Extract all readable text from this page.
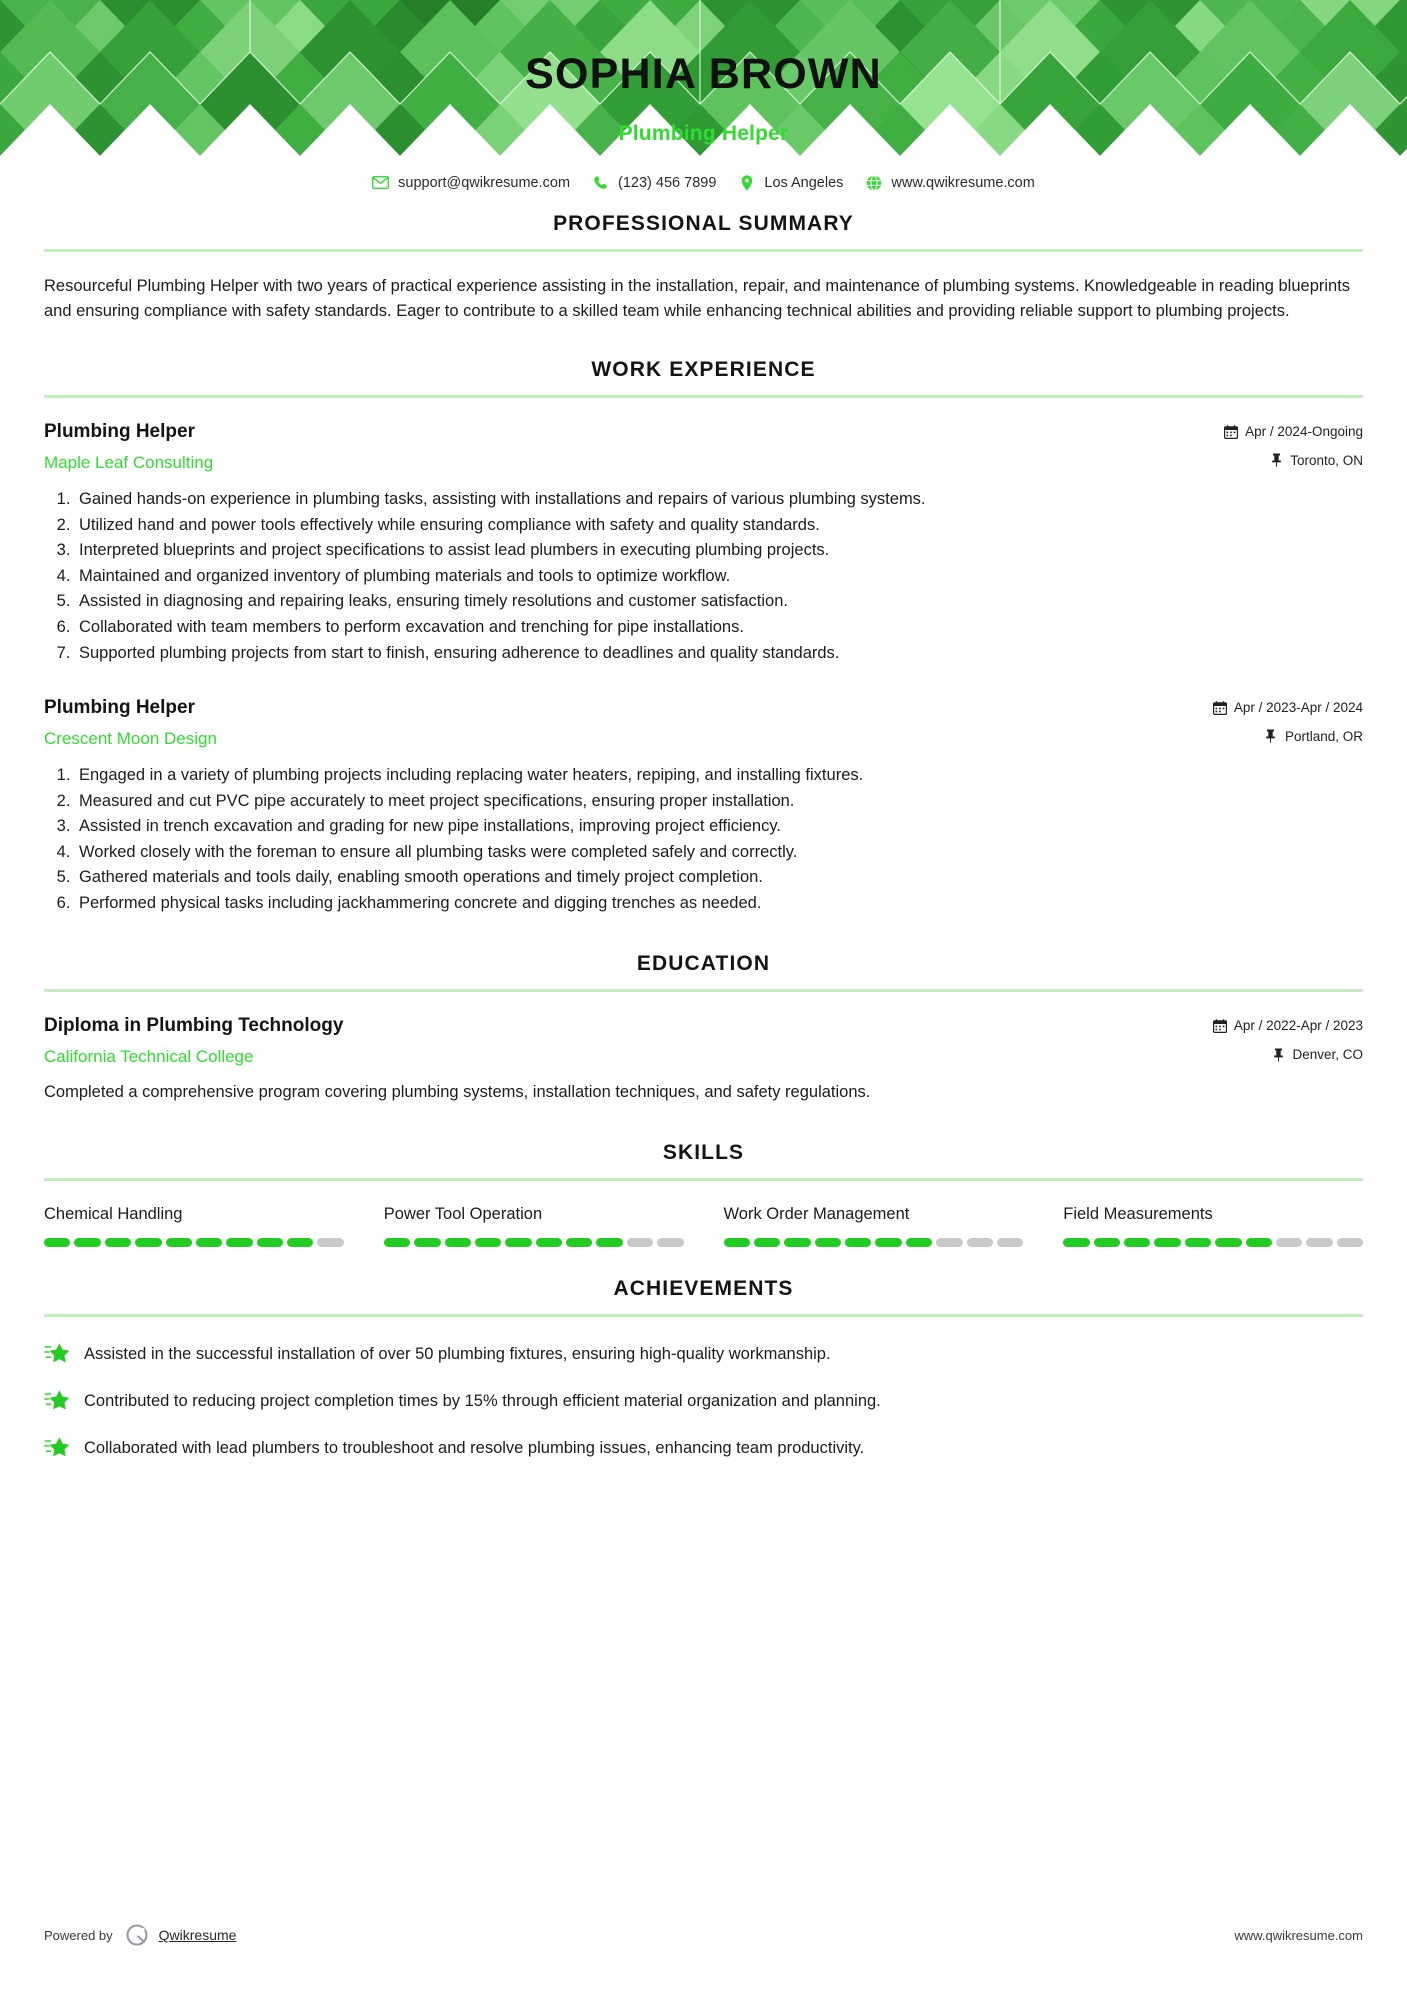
SOPHIA BROWN
Plumbing Helper
support@qwikresume.com	(123) 456 7899	Los Angeles	www.qwikresume.com
PROFESSIONAL SUMMARY

Resourceful Plumbing Helper with two years of practical experience assisting in the installation, repair, and maintenance of plumbing systems. Knowledgeable in reading blueprints and ensuring compliance with safety standards. Eager to contribute to a skilled team while enhancing technical abilities and providing reliable support to plumbing projects.

WORK EXPERIENCE
Plumbing Helper
Maple Leaf Consulting
Apr / 2024-Ongoing
Toronto, ON
1. Gained hands-on experience in plumbing tasks, assisting with installations and repairs of various plumbing systems.
2. Utilized hand and power tools effectively while ensuring compliance with safety and quality standards.
3. Interpreted blueprints and project specifications to assist lead plumbers in executing plumbing projects.
4. Maintained and organized inventory of plumbing materials and tools to optimize workflow.
5. Assisted in diagnosing and repairing leaks, ensuring timely resolutions and customer satisfaction.
6. Collaborated with team members to perform excavation and trenching for pipe installations.
7. Supported plumbing projects from start to finish, ensuring adherence to deadlines and quality standards.
Plumbing Helper
Crescent Moon Design
Apr / 2023-Apr / 2024
Portland, OR
1. Engaged in a variety of plumbing projects including replacing water heaters, repiping, and installing fixtures.
2. Measured and cut PVC pipe accurately to meet project specifications, ensuring proper installation.
3. Assisted in trench excavation and grading for new pipe installations, improving project efficiency.
4. Worked closely with the foreman to ensure all plumbing tasks were completed safely and correctly.
5. Gathered materials and tools daily, enabling smooth operations and timely project completion.
6. Performed physical tasks including jackhammering concrete and digging trenches as needed.
EDUCATION
Diploma in Plumbing Technology
California Technical College
Apr / 2022-Apr / 2023
Denver, CO
Completed a comprehensive program covering plumbing systems, installation techniques, and safety regulations.
SKILLS
Chemical Handling	Power Tool Operation	Work Order Management	Field Measurements
ACHIEVEMENTS
Assisted in the successful installation of over 50 plumbing fixtures, ensuring high-quality workmanship.
Contributed to reducing project completion times by 15% through efficient material organization and planning.
Collaborated with lead plumbers to troubleshoot and resolve plumbing issues, enhancing team productivity.
Powered by	Qwikresume	www.qwikresume.com
